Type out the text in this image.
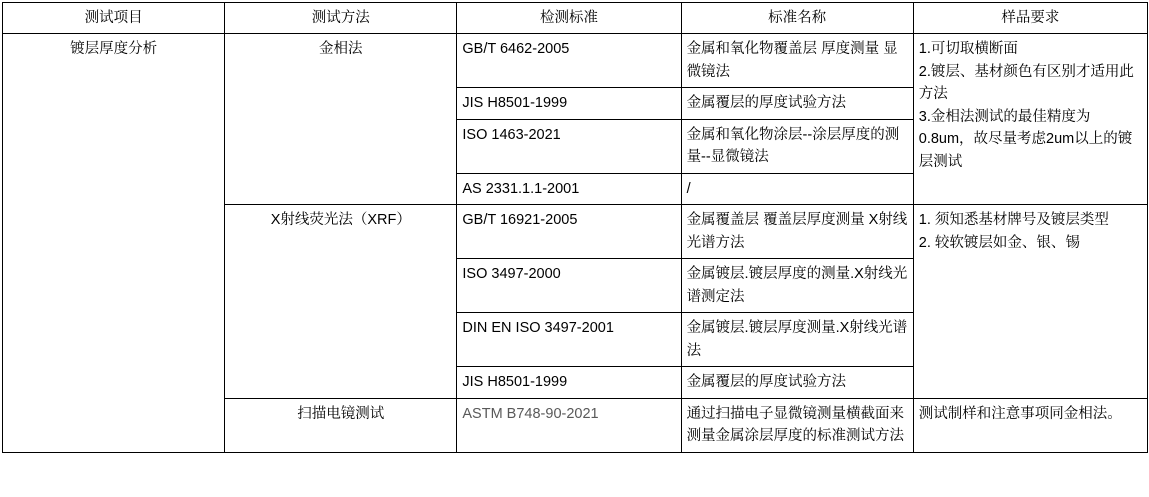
测试项目	测试方法	检测标准	标准名称	样品要求
镀层厚度分析	金相法	GB/T 6462-2005	金属和氧化物覆盖层 厚度测量 显微镜法	1.可切取横断面
2.镀层、基材颜色有区别才适用此方法
3.金相法测试的最佳精度为0.8um，故尽量考虑2um以上的镀层测试

		JIS H8501-1999	金属覆层的厚度试验方法	
		ISO 1463-2021	金属和氧化物涂层--涂层厚度的测量--显微镜法	
		AS 2331.1.1-2001	/	
	X射线荧光法（XRF）	GB/T 16921-2005	金属覆盖层 覆盖层厚度测量 X射线光谱方法	1. 须知悉基材牌号及镀层类型
2. 较软镀层如金、银、锡

		ISO 3497-2000	金属镀层.镀层厚度的测量.X射线光谱测定法	
		DIN EN ISO 3497-2001	金属镀层.镀层厚度测量.X射线光谱法	
		JIS H8501-1999	金属覆层的厚度试验方法	
	扫描电镜测试	ASTM B748-90-2021	通过扫描电子显微镜测量横截面来测量金属涂层厚度的标准测试方法	测试制样和注意事项同金相法。
